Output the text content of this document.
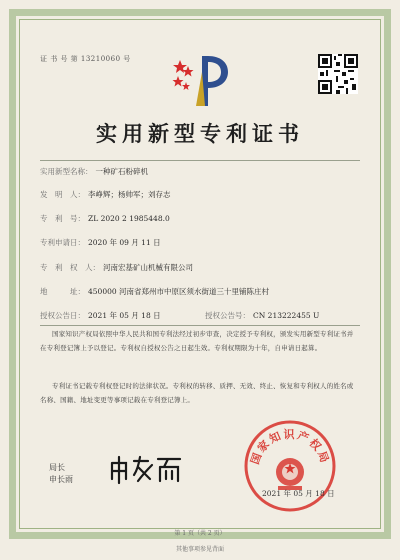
证 书 号 第 13210060 号
实用新型专利证书
实用新型名称： 一种矿石粉碎机
发　明　人： 李峥辉；杨帅军；刘存志
专　利　号： ZL 2020 2 1985448.0
专利申请日： 2020 年 09 月 11 日
专　利　权　人： 河南宏基矿山机械有限公司
地　　　址： 450000 河南省郑州市中原区须水街道三十里铺陈庄村
授权公告日： 2021 年 05 月 18 日	授权公告号： CN 213222455 U
国家知识产权局依照中华人民共和国专利法经过初步审查，决定授予专利权，颁发实用新型专利证书并在专利登记簿上予以登记。专利权自授权公告之日起生效。专利权期限为十年，自申请日起算。
专利证书记载专利权登记时的法律状况。专利权的转移、质押、无效、终止、恢复和专利权人的姓名或名称、国籍、地址变更等事项记载在专利登记簿上。
局长
申长雨
国家知识产权局
2021 年 05 月 18 日
第 1 页（共 2 页）
其他事项参见背面
